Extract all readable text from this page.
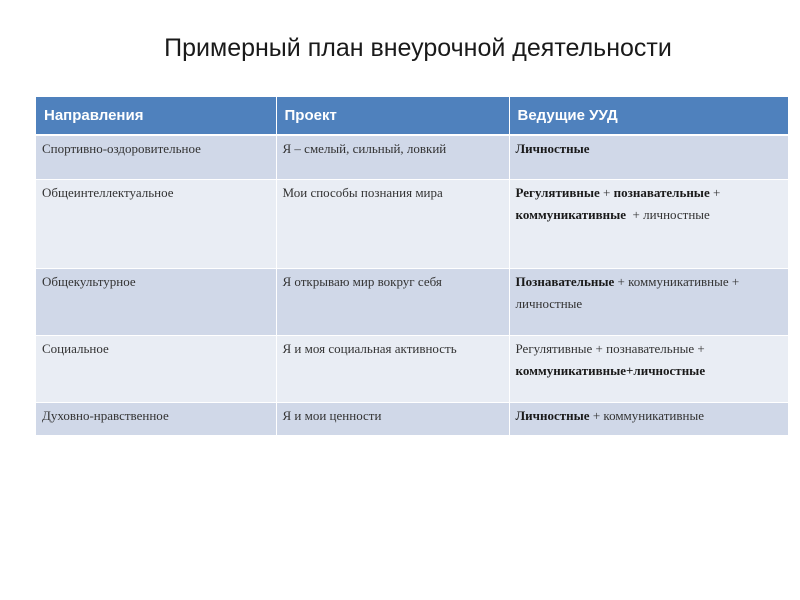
Примерный план внеурочной деятельности
Направления	Проект	Ведущие УУД

Спортивно-оздоровительное	Я – смелый, сильный, ловкий	Личностные

Общеинтеллектуальное	Мои способы познания мира	Регулятивные + познавательные + коммуникативные  + личностные

Общекультурное	Я открываю мир вокруг себя	Познавательные + коммуникативные + личностные

Социальное	Я и моя социальная активность	Регулятивные + познавательные + коммуникативные+личностные

Духовно-нравственное	Я и мои ценности	Личностные + коммуникативные
